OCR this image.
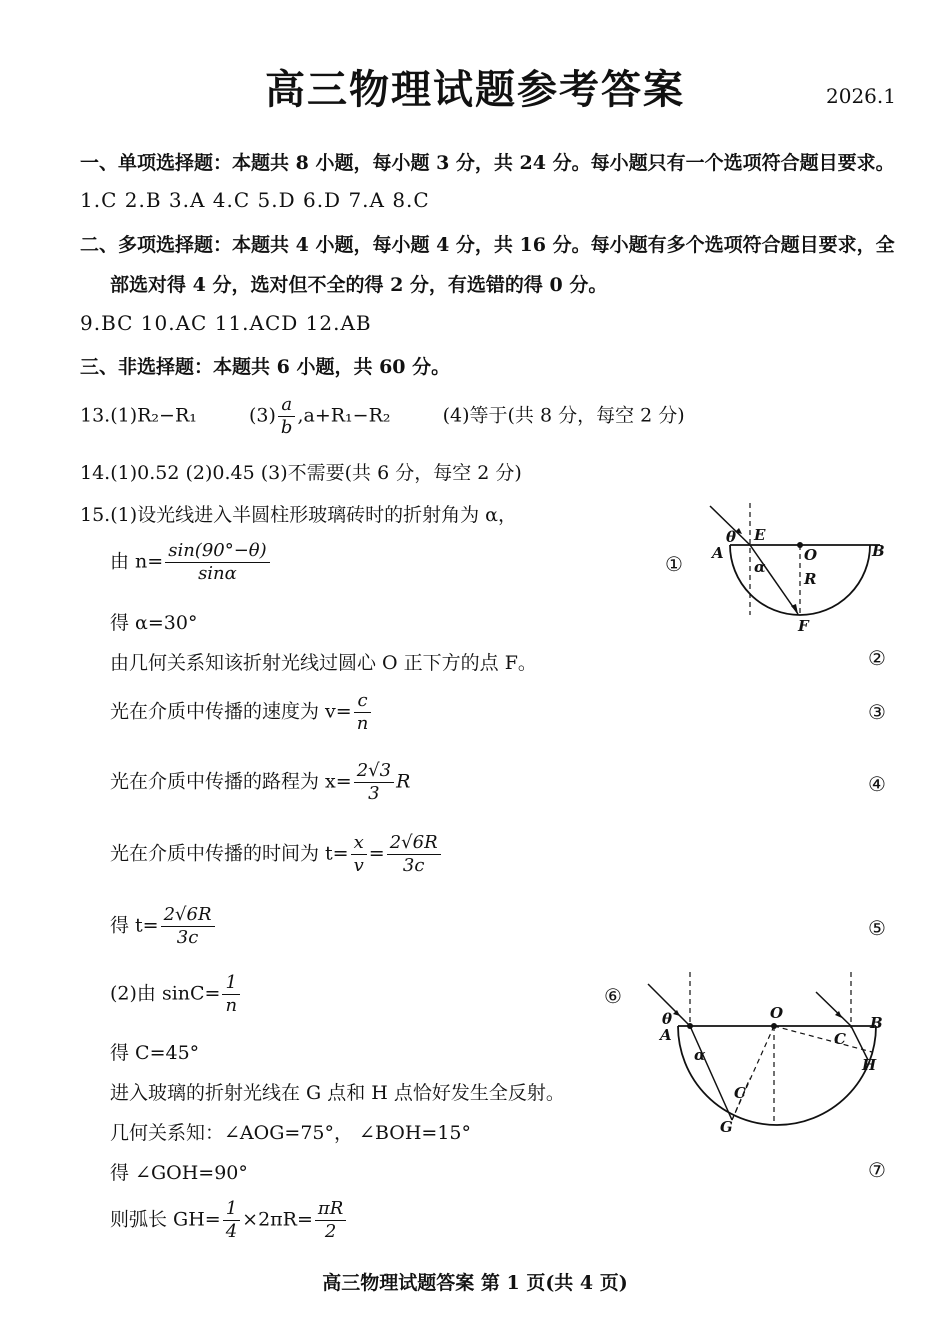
高三物理试题参考答案	2026.1
一、单项选择题：本题共 8 小题，每小题 3 分，共 24 分。每小题只有一个选项符合题目要求。
1.C 2.B 3.A 4.C 5.D 6.D 7.A 8.C
二、多项选择题：本题共 4 小题，每小题 4 分，共 16 分。每小题有多个选项符合题目要求，全
部选对得 4 分，选对但不全的得 2 分，有选错的得 0 分。
9.BC 10.AC 11.ACD 12.AB
三、非选择题：本题共 6 小题，共 60 分。
13.(1)R₂−R₁	$(3) \frac{a}{b} ,a+R_1-R_2$	(4)等于(共 8 分，每空 2 分)
14.(1)0.52 (2)0.45 (3)不需要(共 6 分，每空 2 分)
15.(1)设光线进入半圆柱形玻璃砖时的折射角为 α，
由 $n= \frac{\sin(90^\circ-\theta)}{\sin\alpha}$	①
得 α=30°
由几何关系知该折射光线过圆心 O 正下方的点 F。	②
光在介质中传播的速度为 $v= \frac{c}{n}$	③
光在介质中传播的路程为 $x= \frac{2√3}{3}$ R	④
光在介质中传播的时间为 $t= \frac{x}{v} = \frac{2√6R}{3c}$
得 $t= \frac{2√6R}{3c}$	⑤
(2)由 $\sin C= \frac{1}{n}$	⑥
得 C=45°
进入玻璃的折射光线在 G 点和 H 点恰好发生全反射。
几何关系知：∠AOG=75°， ∠BOH=15°
得 ∠GOH=90°	⑦
则弧长 $GH= \frac{1}{4} \times 2\pi R= \frac{\pi R}{2}$
θ E
A	O	B
α
R
F
θ
A
α
O
C
B
H
C
G
高三物理试题答案 第 1 页(共 4 页)
